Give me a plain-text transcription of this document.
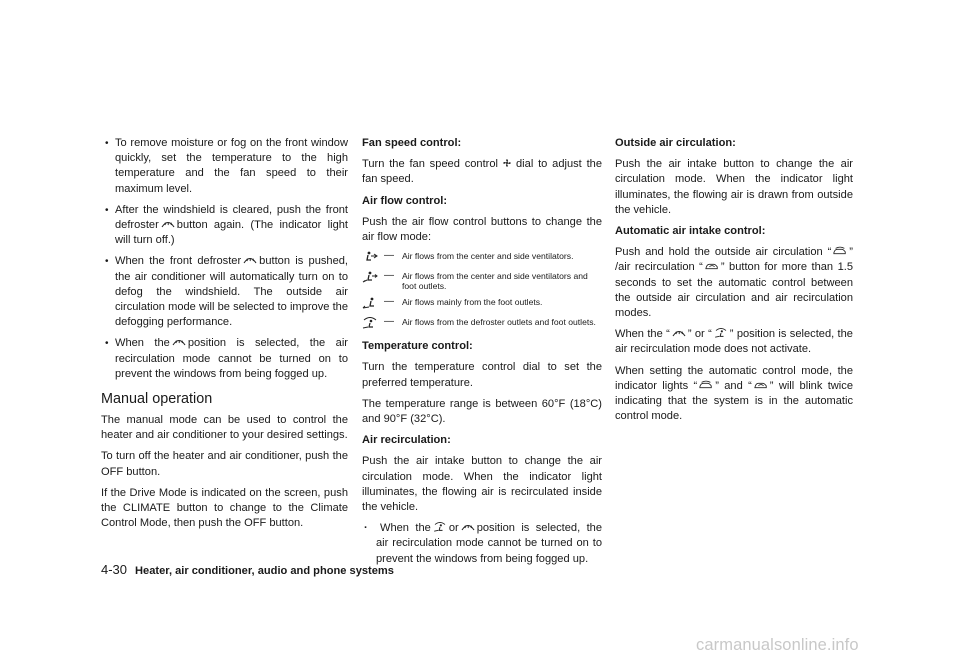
• To remove moisture or fog on the front window quickly, set the temperature to the high temperature and the fan speed to their maximum level.
• After the windshield is cleared, push the front defroster button again. (The indicator light will turn off.)
• When the front defroster button is pushed, the air conditioner will automatically turn on to defog the windshield. The outside air circulation mode will be selected to improve the defogging performance.
• When the position is selected, the air recirculation mode cannot be turned on to prevent the windows from being fogged up.
Manual operation

The manual mode can be used to control the heater and air conditioner to your desired settings.

To turn off the heater and air conditioner, push the OFF button.

If the Drive Mode is indicated on the screen, push the CLIMATE button to change to the Climate Control Mode, then push the OFF button.

Fan speed control:

Turn the fan speed control dial to adjust the fan speed.

Air flow control:

Push the air flow control buttons to change the air flow mode:

— Air flows from the center and side ventilators.
— Air flows from the center and side ventilators and foot outlets.
— Air flows mainly from the foot outlets.
— Air flows from the defroster outlets and foot outlets.
Temperature control:

Turn the temperature control dial to set the preferred temperature.

The temperature range is between 60°F (18°C) and 90°F (32°C).

Air recirculation:

Push the air intake button to change the air circulation mode. When the indicator light illuminates, the flowing air is recirculated inside the vehicle.

. When the or position is selected, the air recirculation mode cannot be turned on to prevent the windows from being fogged up.
Outside air circulation:

Push the air intake button to change the air circulation mode. When the indicator light illuminates, the flowing air is drawn from outside the vehicle.

Automatic air intake control:

Push and hold the outside air circulation “ ” /air recirculation “ ” button for more than 1.5 seconds to set the automatic control between the outside air circulation and air recirculation modes.

When the “ ” or “ ” position is selected, the air recirculation mode does not activate.

When setting the automatic control mode, the indicator lights “ ” and “ ” will blink twice indicating that the system is in the automatic control mode.

4-30 Heater, air conditioner, audio and phone systems
carmanualsonline.info
